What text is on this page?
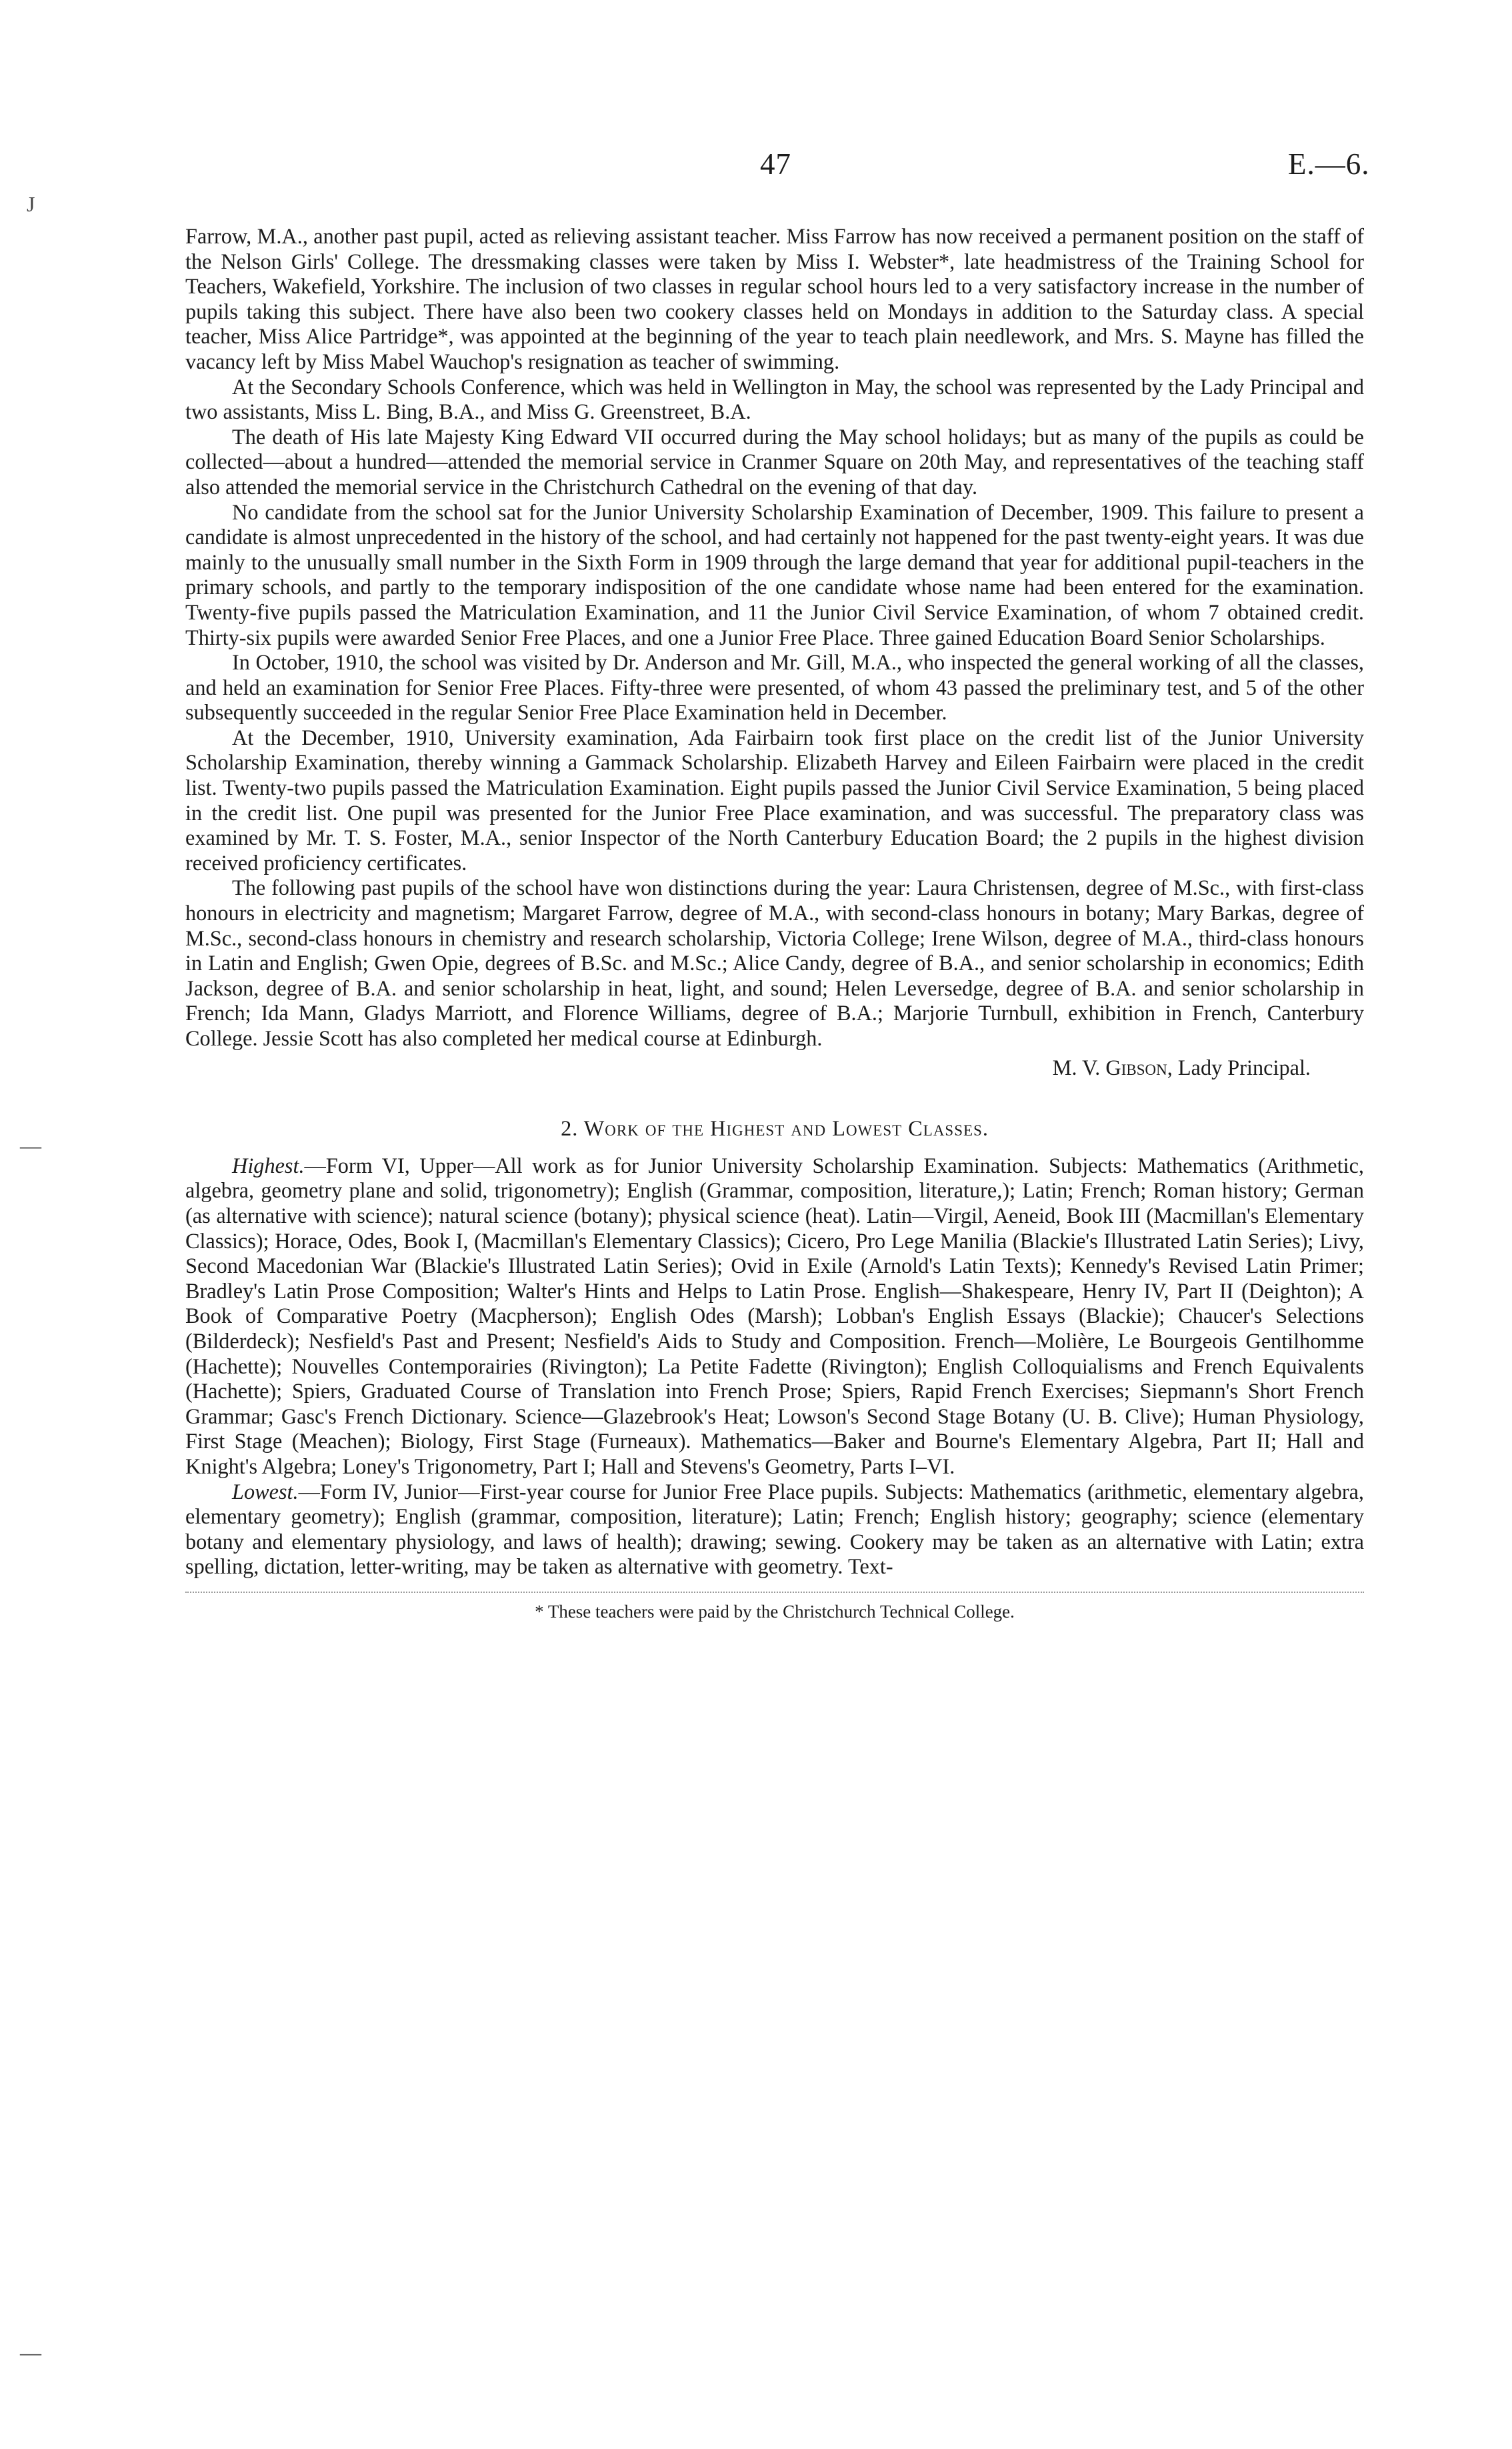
47	E.—6.
J
—
—

Farrow, M.A., another past pupil, acted as relieving assistant teacher. Miss Farrow has now received a permanent position on the staff of the Nelson Girls' College. The dressmaking classes were taken by Miss I. Webster*, late headmistress of the Training School for Teachers, Wakefield, Yorkshire. The inclusion of two classes in regular school hours led to a very satisfactory increase in the number of pupils taking this subject. There have also been two cookery classes held on Mondays in addition to the Saturday class. A special teacher, Miss Alice Partridge*, was appointed at the beginning of the year to teach plain needlework, and Mrs. S. Mayne has filled the vacancy left by Miss Mabel Wauchop's resignation as teacher of swimming.

At the Secondary Schools Conference, which was held in Wellington in May, the school was represented by the Lady Principal and two assistants, Miss L. Bing, B.A., and Miss G. Greenstreet, B.A.

The death of His late Majesty King Edward VII occurred during the May school holidays; but as many of the pupils as could be collected—about a hundred—attended the memorial service in Cranmer Square on 20th May, and representatives of the teaching staff also attended the memorial service in the Christchurch Cathedral on the evening of that day.

No candidate from the school sat for the Junior University Scholarship Examination of December, 1909. This failure to present a candidate is almost unprecedented in the history of the school, and had certainly not happened for the past twenty-eight years. It was due mainly to the unusually small number in the Sixth Form in 1909 through the large demand that year for additional pupil-teachers in the primary schools, and partly to the temporary indisposition of the one candidate whose name had been entered for the examination. Twenty-five pupils passed the Matriculation Examination, and 11 the Junior Civil Service Examination, of whom 7 obtained credit. Thirty-six pupils were awarded Senior Free Places, and one a Junior Free Place. Three gained Education Board Senior Scholarships.

In October, 1910, the school was visited by Dr. Anderson and Mr. Gill, M.A., who inspected the general working of all the classes, and held an examination for Senior Free Places. Fifty-three were presented, of whom 43 passed the preliminary test, and 5 of the other subsequently succeeded in the regular Senior Free Place Examination held in December.

At the December, 1910, University examination, Ada Fairbairn took first place on the credit list of the Junior University Scholarship Examination, thereby winning a Gammack Scholarship. Elizabeth Harvey and Eileen Fairbairn were placed in the credit list. Twenty-two pupils passed the Matriculation Examination. Eight pupils passed the Junior Civil Service Examination, 5 being placed in the credit list. One pupil was presented for the Junior Free Place examination, and was successful. The preparatory class was examined by Mr. T. S. Foster, M.A., senior Inspector of the North Canterbury Education Board; the 2 pupils in the highest division received proficiency certificates.

The following past pupils of the school have won distinctions during the year: Laura Christensen, degree of M.Sc., with first-class honours in electricity and magnetism; Margaret Farrow, degree of M.A., with second-class honours in botany; Mary Barkas, degree of M.Sc., second-class honours in chemistry and research scholarship, Victoria College; Irene Wilson, degree of M.A., third-class honours in Latin and English; Gwen Opie, degrees of B.Sc. and M.Sc.; Alice Candy, degree of B.A., and senior scholarship in economics; Edith Jackson, degree of B.A. and senior scholarship in heat, light, and sound; Helen Leversedge, degree of B.A. and senior scholarship in French; Ida Mann, Gladys Marriott, and Florence Williams, degree of B.A.; Marjorie Turnbull, exhibition in French, Canterbury College. Jessie Scott has also completed her medical course at Edinburgh.

M. V. Gibson, Lady Principal.
2. Work of the Highest and Lowest Classes.

Highest.—Form VI, Upper—All work as for Junior University Scholarship Examination. Subjects: Mathematics (Arithmetic, algebra, geometry plane and solid, trigonometry); English (Grammar, composition, literature,); Latin; French; Roman history; German (as alternative with science); natural science (botany); physical science (heat). Latin—Virgil, Aeneid, Book III (Macmillan's Elementary Classics); Horace, Odes, Book I, (Macmillan's Elementary Classics); Cicero, Pro Lege Manilia (Blackie's Illustrated Latin Series); Livy, Second Macedonian War (Blackie's Illustrated Latin Series); Ovid in Exile (Arnold's Latin Texts); Kennedy's Revised Latin Primer; Bradley's Latin Prose Composition; Walter's Hints and Helps to Latin Prose. English—Shakespeare, Henry IV, Part II (Deighton); A Book of Comparative Poetry (Macpherson); English Odes (Marsh); Lobban's English Essays (Blackie); Chaucer's Selections (Bilderdeck); Nesfield's Past and Present; Nesfield's Aids to Study and Composition. French—Molière, Le Bourgeois Gentilhomme (Hachette); Nouvelles Contemporairies (Rivington); La Petite Fadette (Rivington); English Colloquialisms and French Equivalents (Hachette); Spiers, Graduated Course of Translation into French Prose; Spiers, Rapid French Exercises; Siepmann's Short French Grammar; Gasc's French Dictionary. Science—Glazebrook's Heat; Lowson's Second Stage Botany (U. B. Clive); Human Physiology, First Stage (Meachen); Biology, First Stage (Furneaux). Mathematics—Baker and Bourne's Elementary Algebra, Part II; Hall and Knight's Algebra; Loney's Trigonometry, Part I; Hall and Stevens's Geometry, Parts I–VI.

Lowest.—Form IV, Junior—First-year course for Junior Free Place pupils. Subjects: Mathematics (arithmetic, elementary algebra, elementary geometry); English (grammar, composition, literature); Latin; French; English history; geography; science (elementary botany and elementary physiology, and laws of health); drawing; sewing. Cookery may be taken as an alternative with Latin; extra spelling, dictation, letter-writing, may be taken as alternative with geometry. Text-

* These teachers were paid by the Christchurch Technical College.
